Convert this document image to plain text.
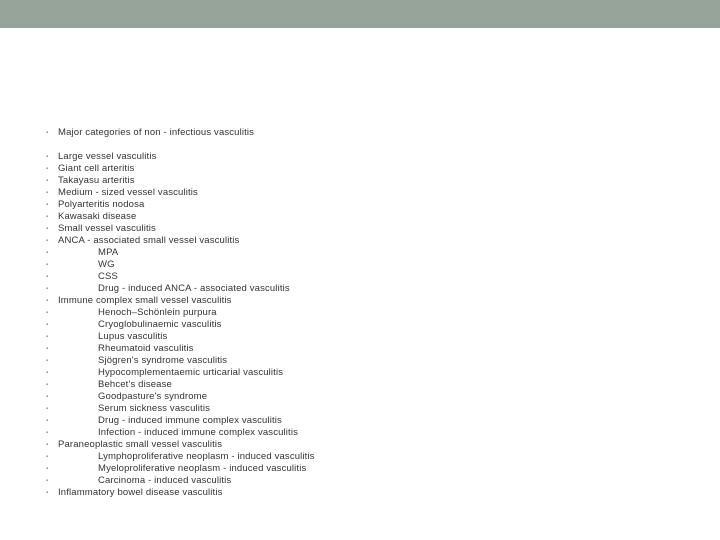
▪	Major categories of non - infectious vasculitis
▪	Large vessel vasculitis
▪	Giant cell arteritis
▪	Takayasu arteritis
▪	Medium - sized vessel vasculitis
▪	Polyarteritis nodosa
▪	Kawasaki disease
▪	Small vessel vasculitis
▪	ANCA - associated small vessel vasculitis
▪	MPA
▪	WG
▪	CSS
▪	Drug - induced ANCA - associated vasculitis
▪	Immune complex small vessel vasculitis
▪	Henoch–Schönlein purpura
▪	Cryoglobulinaemic vasculitis
▪	Lupus vasculitis
▪	Rheumatoid vasculitis
▪	Sjögren's syndrome vasculitis
▪	Hypocomplementaemic urticarial vasculitis
▪	Behcet's disease
▪	Goodpasture's syndrome
▪	Serum sickness vasculitis
▪	Drug - induced immune complex vasculitis
▪	Infection - induced immune complex vasculitis
▪	Paraneoplastic small vessel vasculitis
▪	Lymphoproliferative neoplasm - induced vasculitis
▪	Myeloproliferative neoplasm - induced vasculitis
▪	Carcinoma - induced vasculitis
▪	Inflammatory bowel disease vasculitis
